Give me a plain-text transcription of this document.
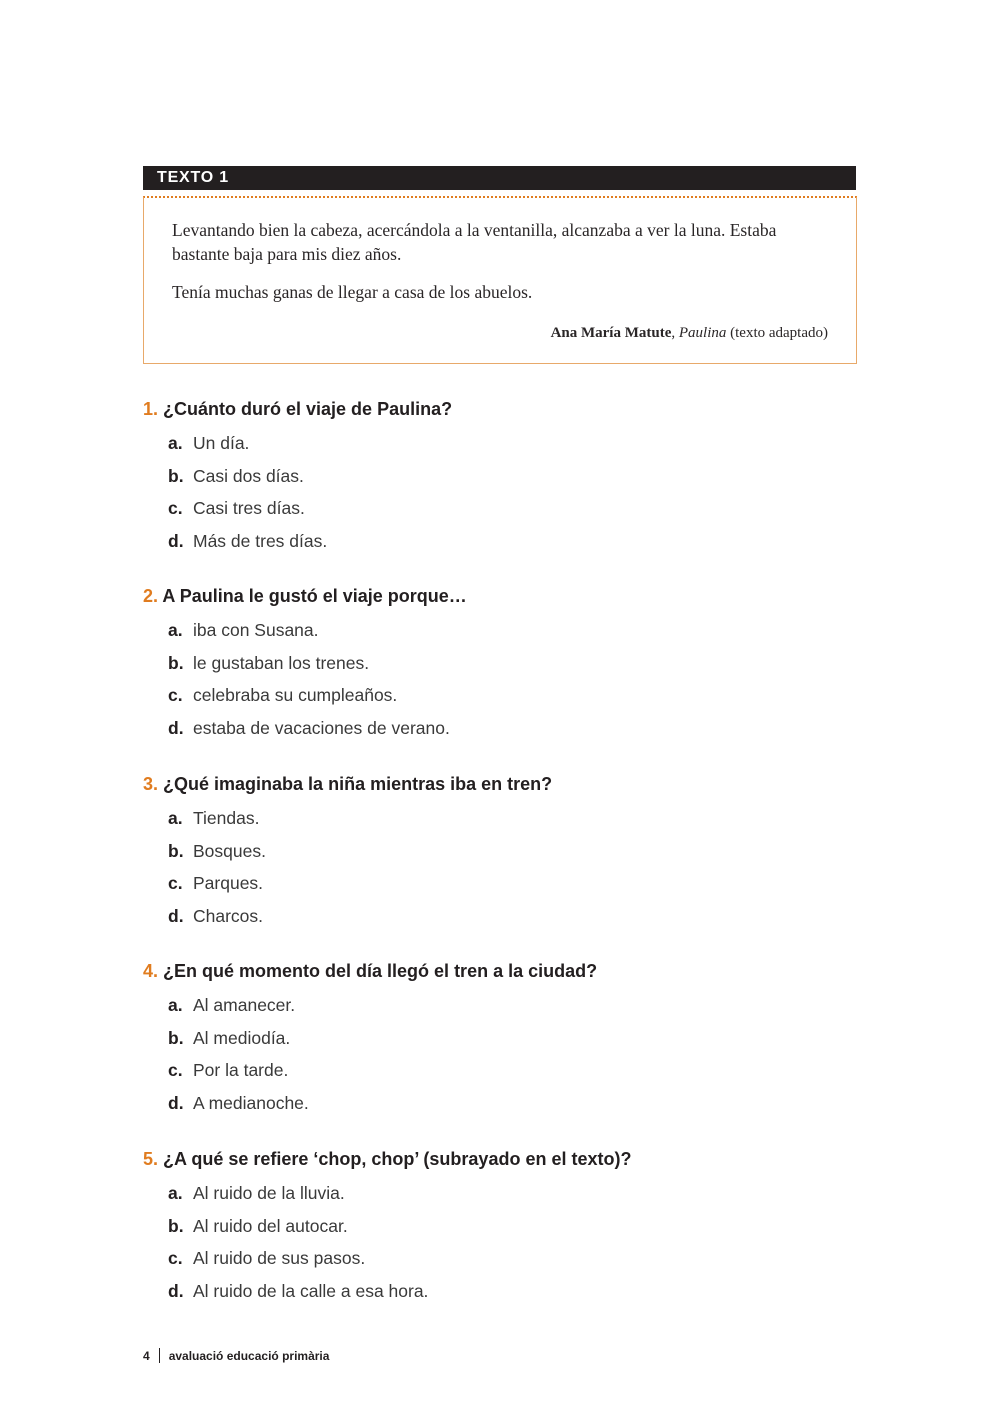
TEXTO 1

Levantando bien la cabeza, acercándola a la ventanilla, alcanzaba a ver la luna. Estaba bastante baja para mis diez años.

Tenía muchas ganas de llegar a casa de los abuelos.

Ana María Matute, Paulina (texto adaptado)
1. ¿Cuánto duró el viaje de Paulina?
a. Un día.
b. Casi dos días.
c. Casi tres días.
d. Más de tres días.
2. A Paulina le gustó el viaje porque…
a. iba con Susana.
b. le gustaban los trenes.
c. celebraba su cumpleaños.
d. estaba de vacaciones de verano.
3. ¿Qué imaginaba la niña mientras iba en tren?
a. Tiendas.
b. Bosques.
c. Parques.
d. Charcos.
4. ¿En qué momento del día llegó el tren a la ciudad?
a. Al amanecer.
b. Al mediodía.
c. Por la tarde.
d. A medianoche.
5. ¿A qué se refiere ‘chop, chop’ (subrayado en el texto)?
a. Al ruido de la lluvia.
b. Al ruido del autocar.
c. Al ruido de sus pasos.
d. Al ruido de la calle a esa hora.
4 avaluació educació primària
